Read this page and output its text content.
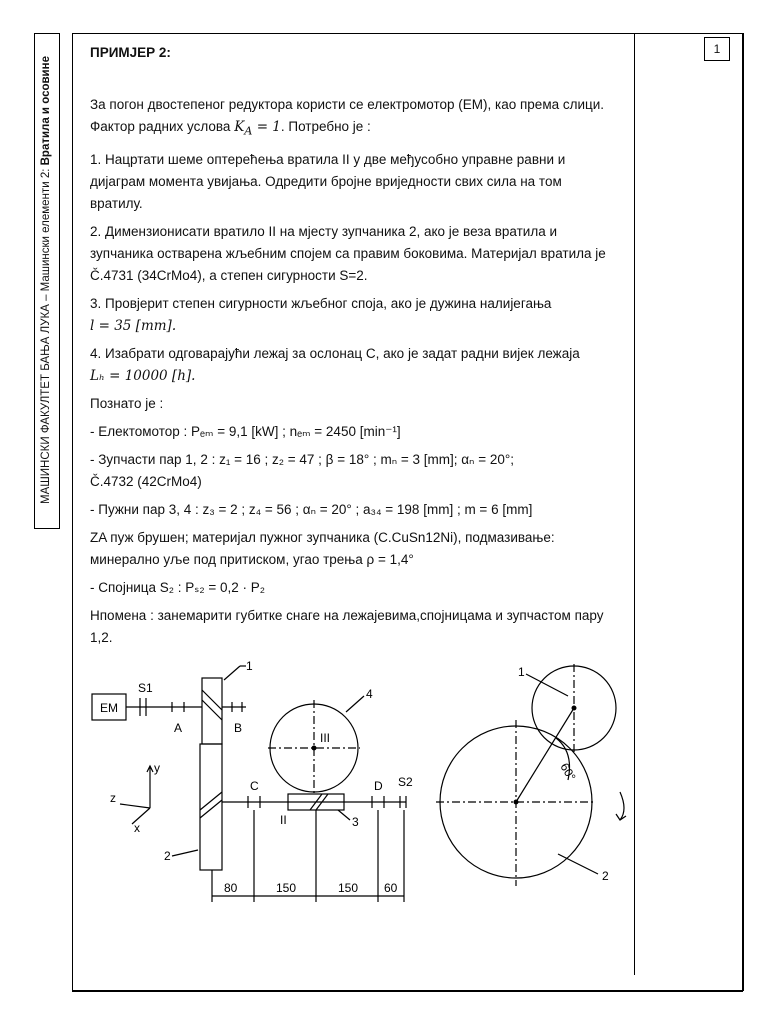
МАШИНСКИ ФАКУЛТЕТ БАЊА ЛУКА – Машински елементи 2: Вратила и осовине
1

ПРИМЈЕР 2:

За погон двостепеног редуктора користи се електромотор (ЕМ), као према слици. Фактор радних услова $K_A = 1$. Потребно је :

1. Нацртати шеме оптерећења вратила II у две међусобно управне равни и дијаграм момента увијања. Одредити бројне вриједности свих сила на том вратилу.

2. Димензионисати вратило II на мјесту зупчаника 2, ако је веза вратила и зупчаника остварена жљебним спојем са правим боковима. Материјал вратила је Č.4731 (34CrMo4), а степен сигурности S=2.

3. Провјерит степен сигурности жљебног споја, ако је дужина налијегања
l = 35 [mm].

4. Изабрати одговарајући лежај за ослонац C, ако је задат радни вијек лежаја
Lₕ = 10000 [h].

Познато је :

- Електомотор : Pₑₘ = 9,1 [kW] ; nₑₘ = 2450 [min⁻¹]

- Зупчасти пар 1, 2 : z₁ = 16 ; z₂ = 47 ; β = 18° ; mₙ = 3 [mm]; αₙ = 20°;
Č.4732 (42CrMo4)

- Пужни пар 3, 4 : z₃ = 2 ; z₄ = 56 ; αₙ = 20° ; a₃₄ = 198 [mm] ; m = 6 [mm]

ZA пуж брушен; материјал пужног зупчаника (C.CuSn12Ni), подмазивање: минерално уље под притиском, угао трења ρ = 1,4°

- Спојница S₂ : Pₛ₂ = 0,2 · P₂

Нпомена : занемарити губитке снаге на лежајевима,спојницама и зупчастом пару 1,2.

EM
S1
A	B
C	D S2
1
2
3
4
II
III
x
y
z
80	150	150 60
1
2
60°
